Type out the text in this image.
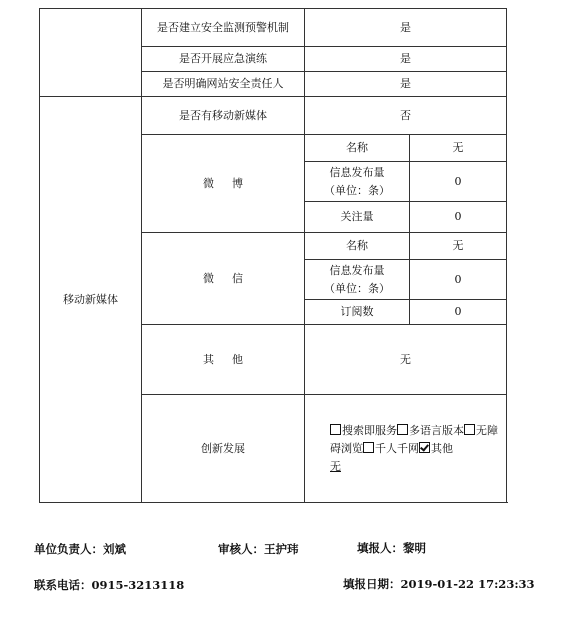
	是否建立安全监测预警机制	是	
	是否开展应急演练	是	
	是否明确网站安全责任人	是	
移动新媒体	是否有移动新媒体	否	
	微博	名称	无

		信息发布量
（单位：条）	0
		关注量	0
	微信	名称	无

		信息发布量
（单位：条）	0
		订阅数	0
	其他	无	
	创新发展	搜索即服务 多语言版本 无障碍浏览 千人千网 其他
无	
单位负责人：刘斌	审核人：王护玮	填报人：黎明
联系电话：0915-3213118	填报日期：2019-01-22 17:23:33
